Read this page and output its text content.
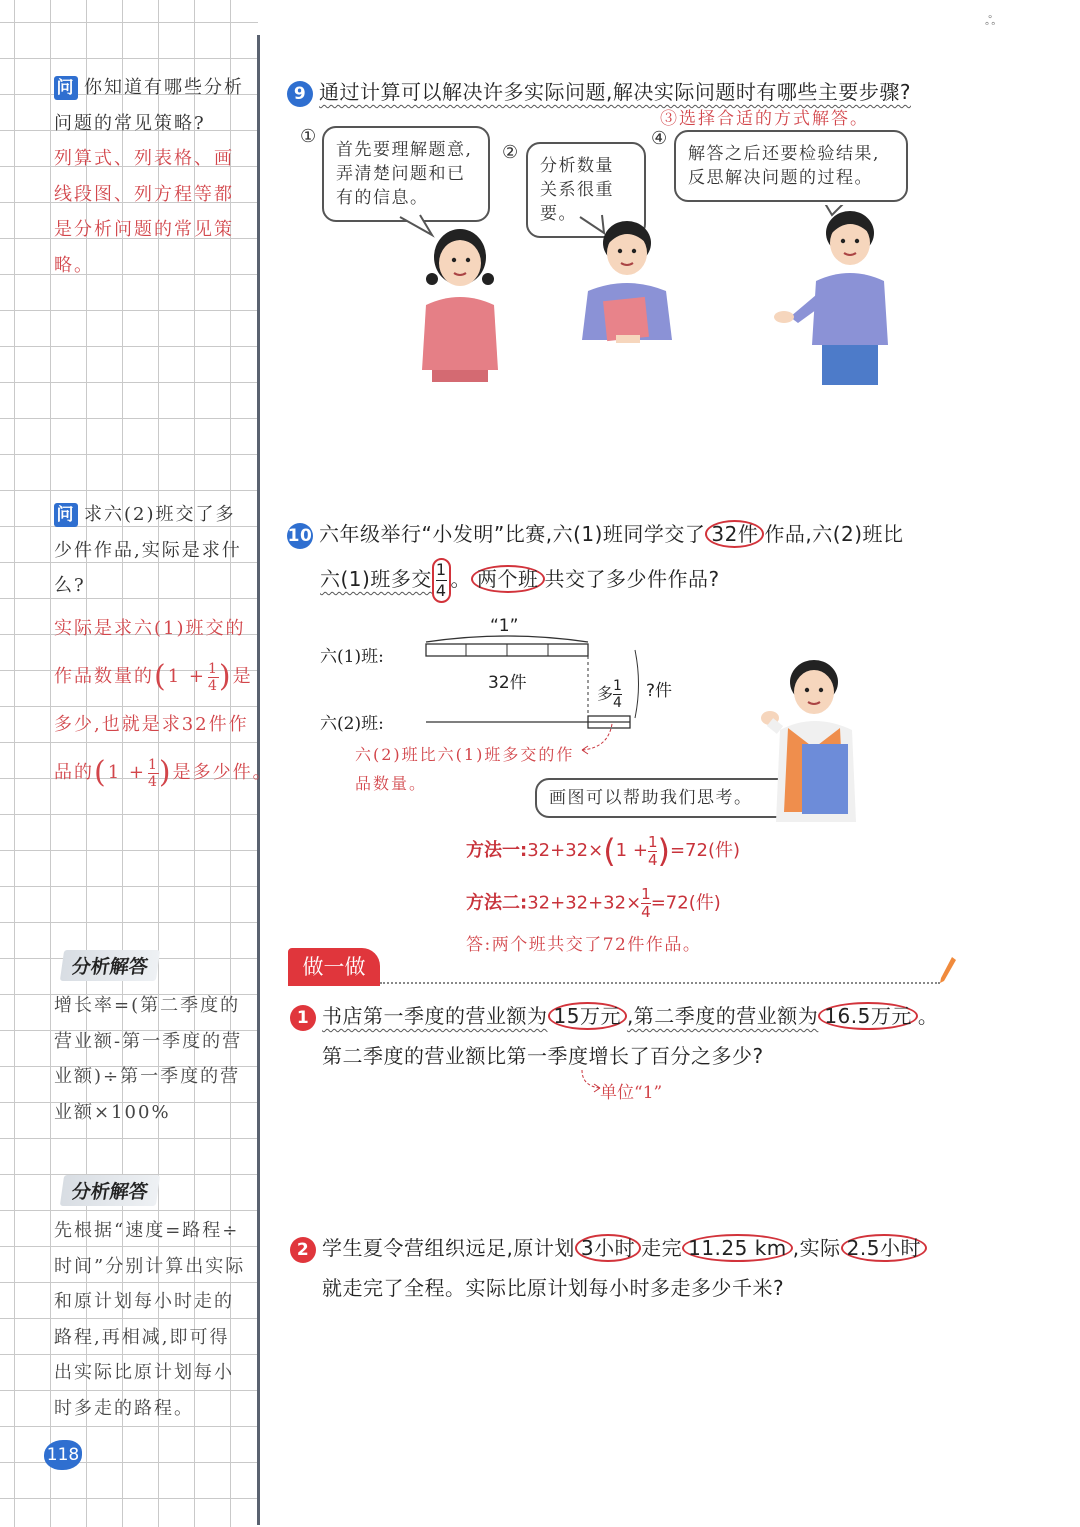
ஃ
问 你知道有哪些分析问题的常见策略?
列算式、列表格、画线段图、列方程等都是分析问题的常见策略。
问 求六(2)班交了多少件作品,实际是求什么?
实际是求六(1)班交的
作品数量的($1 + \frac{1}{4}$ )是
多少,也就是求32件作
品的($1 + \frac{1}{4}$ )是多少件。
分析解答
增长率=(第二季度的营业额-第一季度的营业额)÷第一季度的营业额×100%
分析解答
先根据“速度=路程÷时间”分别计算出实际和原计划每小时走的路程,再相减,即可得出实际比原计划每小时多走的路程。
118
9 通过计算可以解决许多实际问题,解决实际问题时有哪些主要步骤?
③选择合适的方式解答。
①
首先要理解题意,弄清楚问题和已有的信息。
②
分析数量关系很重要。
④
解答之后还要检验结果,反思解决问题的过程。
10 六年级举行“小发明”比赛,六(1)班同学交了 32件 作品,六(2)班比
六(1)班多交 $\frac{1}{4}$ 。 两个班 共交了多少件作品?
“1”
六(1)班:
六(2)班:
32件
多 $\frac{1}{4}$ ?件
六(2)班比六(1)班多交的作品数量。
画图可以帮助我们思考。
方法一:32+32×(1 + $\frac{1}{4} )=72$(件)
方法二:32+32+32× $\frac{1}{4} =72$(件)
答:两个班共交了72件作品。
做一做
1 书店第一季度的营业额为 15万元 ,第二季度的营业额为 16.5万元 。
第二季度的营业额比第一季度增长了百分之多少?
单位“1”
2 学生夏令营组织远足,原计划 3小时 走完 11.25 km ,实际 2.5小时
就走完了全程。实际比原计划每小时多走多少千米?
